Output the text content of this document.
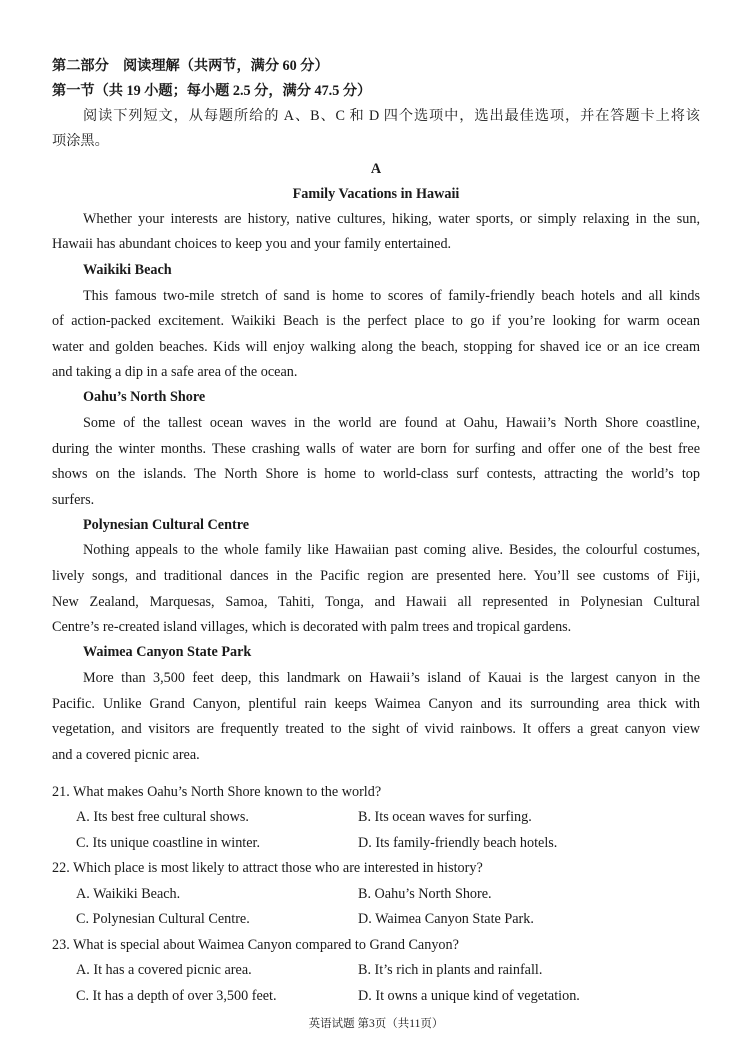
第二部分　阅读理解（共两节，满分 60 分）
第一节（共 19 小题；每小题 2.5 分，满分 47.5 分）
阅读下列短文，从每题所给的 A、B、C 和 D 四个选项中，选出最佳选项，并在答题卡上将该
项涂黑。
A
Family Vacations in Hawaii
Whether your interests are history, native cultures, hiking, water sports, or simply relaxing in the sun,
Hawaii has abundant choices to keep you and your family entertained.
Waikiki Beach
This famous two-mile stretch of sand is home to scores of family-friendly beach hotels and all kinds
of action-packed excitement. Waikiki Beach is the perfect place to go if you’re looking for warm ocean
water and golden beaches. Kids will enjoy walking along the beach, stopping for shaved ice or an ice cream
and taking a dip in a safe area of the ocean.
Oahu’s North Shore
Some of the tallest ocean waves in the world are found at Oahu, Hawaii’s North Shore coastline,
during the winter months. These crashing walls of water are born for surfing and offer one of the best free
shows on the islands. The North Shore is home to world-class surf contests, attracting the world’s top
surfers.
Polynesian Cultural Centre
Nothing appeals to the whole family like Hawaiian past coming alive. Besides, the colourful costumes,
lively songs, and traditional dances in the Pacific region are presented here. You’ll see customs of Fiji,
New Zealand, Marquesas, Samoa, Tahiti, Tonga, and Hawaii all represented in Polynesian Cultural
Centre’s re-created island villages, which is decorated with palm trees and tropical gardens.
Waimea Canyon State Park
More than 3,500 feet deep, this landmark on Hawaii’s island of Kauai is the largest canyon in the
Pacific. Unlike Grand Canyon, plentiful rain keeps Waimea Canyon and its surrounding area thick with
vegetation, and visitors are frequently treated to the sight of vivid rainbows. It offers a great canyon view
and a covered picnic area.
21. What makes Oahu’s North Shore known to the world?
A. Its best free cultural shows.	B. Its ocean waves for surfing.
C. Its unique coastline in winter.	D. Its family-friendly beach hotels.
22. Which place is most likely to attract those who are interested in history?
A. Waikiki Beach.	B. Oahu’s North Shore.
C. Polynesian Cultural Centre.	D. Waimea Canyon State Park.
23. What is special about Waimea Canyon compared to Grand Canyon?
A. It has a covered picnic area.	B. It’s rich in plants and rainfall.
C. It has a depth of over 3,500 feet.	D. It owns a unique kind of vegetation.
英语试题 第3页（共11页）
